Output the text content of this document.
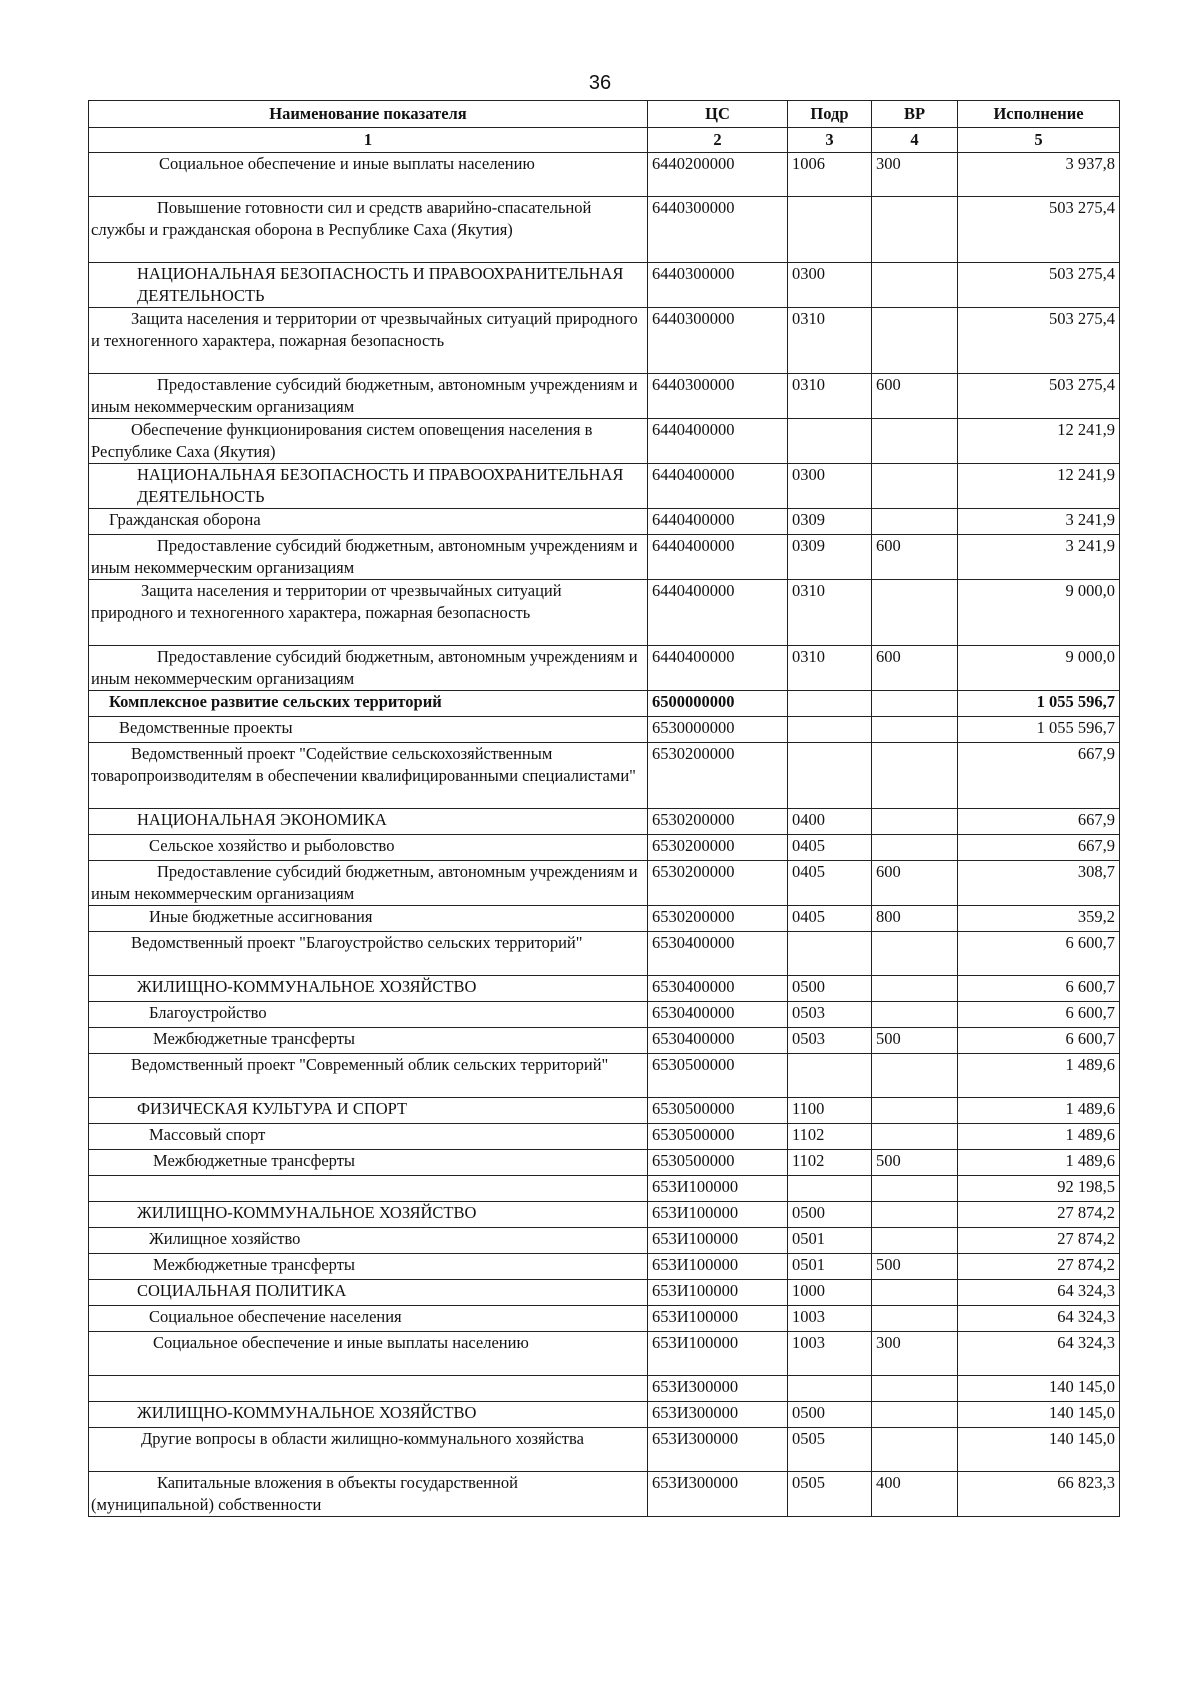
36
Наименование показателя	ЦС	Подр	ВР	Исполнение
1	2	3	4	5
Социальное обеспечение и иные выплаты населению	6440200000	1006	300	3 937,8
Повышение готовности сил и средств аварийно-спасательной службы и гражданская оборона в Республике Саха (Якутия)	6440300000			503 275,4
НАЦИОНАЛЬНАЯ БЕЗОПАСНОСТЬ И ПРАВООХРАНИТЕЛЬНАЯ ДЕЯТЕЛЬНОСТЬ	6440300000	0300		503 275,4
Защита населения и территории от чрезвычайных ситуаций природного и техногенного характера, пожарная безопасность	6440300000	0310		503 275,4
Предоставление субсидий бюджетным, автономным учреждениям и иным некоммерческим организациям	6440300000	0310	600	503 275,4
Обеспечение функционирования систем оповещения населения в Республике Саха (Якутия)	6440400000			12 241,9
НАЦИОНАЛЬНАЯ БЕЗОПАСНОСТЬ И ПРАВООХРАНИТЕЛЬНАЯ ДЕЯТЕЛЬНОСТЬ	6440400000	0300		12 241,9
Гражданская оборона	6440400000	0309		3 241,9
Предоставление субсидий бюджетным, автономным учреждениям и иным некоммерческим организациям	6440400000	0309	600	3 241,9
Защита населения и территории от чрезвычайных ситуаций природного и техногенного характера, пожарная безопасность	6440400000	0310		9 000,0
Предоставление субсидий бюджетным, автономным учреждениям и иным некоммерческим организациям	6440400000	0310	600	9 000,0
Комплексное развитие сельских территорий	6500000000			1 055 596,7
Ведомственные проекты	6530000000			1 055 596,7
Ведомственный проект "Содействие сельскохозяйственным товаропроизводителям в обеспечении квалифицированными специалистами"	6530200000			667,9
НАЦИОНАЛЬНАЯ ЭКОНОМИКА	6530200000	0400		667,9
Сельское хозяйство и рыболовство	6530200000	0405		667,9
Предоставление субсидий бюджетным, автономным учреждениям и иным некоммерческим организациям	6530200000	0405	600	308,7
Иные бюджетные ассигнования	6530200000	0405	800	359,2
Ведомственный проект "Благоустройство сельских территорий"	6530400000			6 600,7
ЖИЛИЩНО-КОММУНАЛЬНОЕ ХОЗЯЙСТВО	6530400000	0500		6 600,7
Благоустройство	6530400000	0503		6 600,7
Межбюджетные трансферты	6530400000	0503	500	6 600,7
Ведомственный проект "Современный облик сельских территорий"	6530500000			1 489,6
ФИЗИЧЕСКАЯ КУЛЬТУРА И СПОРТ	6530500000	1100		1 489,6
Массовый спорт	6530500000	1102		1 489,6
Межбюджетные трансферты	6530500000	1102	500	1 489,6
	653И100000			92 198,5
ЖИЛИЩНО-КОММУНАЛЬНОЕ ХОЗЯЙСТВО	653И100000	0500		27 874,2
Жилищное хозяйство	653И100000	0501		27 874,2
Межбюджетные трансферты	653И100000	0501	500	27 874,2
СОЦИАЛЬНАЯ ПОЛИТИКА	653И100000	1000		64 324,3
Социальное обеспечение населения	653И100000	1003		64 324,3
Социальное обеспечение и иные выплаты населению	653И100000	1003	300	64 324,3
	653И300000			140 145,0
ЖИЛИЩНО-КОММУНАЛЬНОЕ ХОЗЯЙСТВО	653И300000	0500		140 145,0
Другие вопросы в области жилищно-коммунального хозяйства	653И300000	0505		140 145,0
Капитальные вложения в объекты государственной (муниципальной) собственности	653И300000	0505	400	66 823,3
